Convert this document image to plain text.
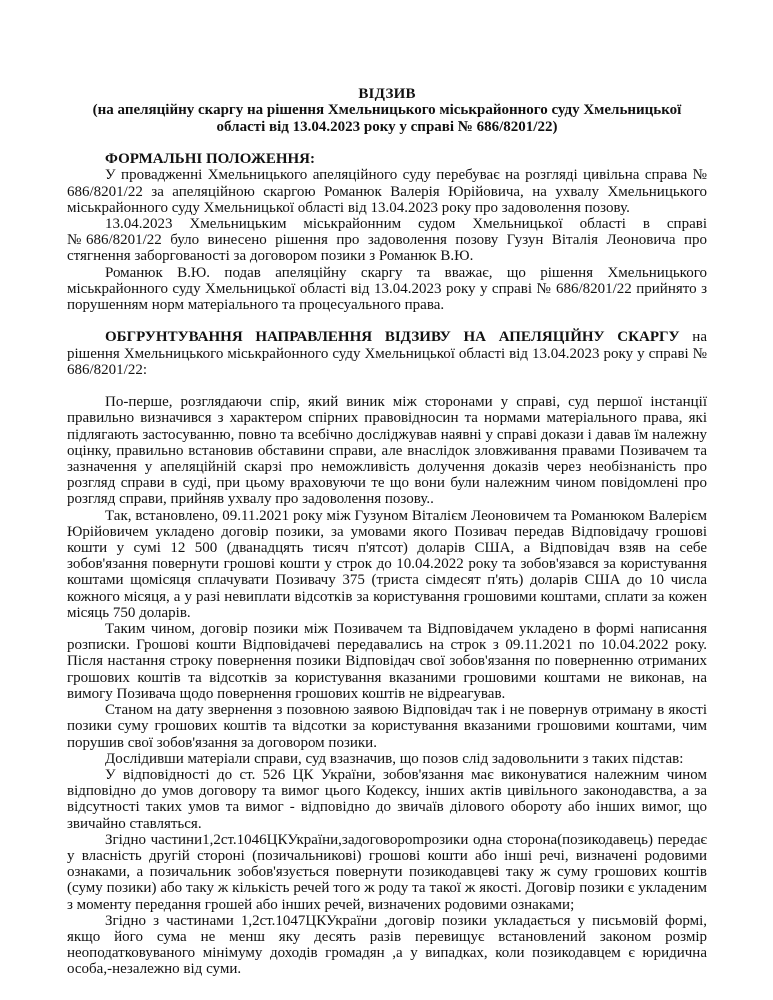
ВІДЗИВ
(на апеляційну скаргу на рішення Хмельницького міськрайонного суду Хмельницької
області від 13.04.2023 року у справі № 686/8201/22)
ФОРМАЛЬНІ ПОЛОЖЕННЯ:

У провадженні Хмельницького апеляційного суду перебуває на розгляді цивільна справа № 686/8201/22 за апеляційною скаргою Романюк Валерія Юрійовича, на ухвалу Хмельницького міськрайонного суду Хмельницької області від 13.04.2023 року про задоволення позову.

13.04.2023 Хмельницьким міськрайонним судом Хмельницької області в справі №686/8201/22 було винесено рішення про задоволення позову Гузун Віталія Леоновича про стягнення заборгованості за договором позики з Романюк В.Ю.

Романюк В.Ю. подав апеляційну скаргу та вважає, що рішення Хмельницького міськрайонного суду Хмельницької області від 13.04.2023 року у справі № 686/8201/22 прийнято з порушенням норм матеріального та процесуального права.

ОБГРУНТУВАННЯ НАПРАВЛЕННЯ ВІДЗИВУ НА АПЕЛЯЦІЙНУ СКАРГУ на рішення Хмельницького міськрайонного суду Хмельницької області від 13.04.2023 року у справі № 686/8201/22:

По-перше, розглядаючи спір, який виник між сторонами у справі, суд першої інстанції правильно визначився з характером спірних правовідносин та нормами матеріального права, які підлягають застосуванню, повно та всебічно досліджував наявні у справі докази і давав їм належну оцінку, правильно встановив обставини справи, але внаслідок зловживання правами Позивачем та зазначення у апеляційній скарзі про неможливість долучення доказів через необізнаність про розгляд справи в суді, при цьому враховуючи те що вони були належним чином повідомлені про розгляд справи, прийняв ухвалу про задоволення позову..

Так, встановлено, 09.11.2021 року між Гузуном Віталієм Леоновичем та Романюком Валерієм Юрійовичем укладено договір позики, за умовами якого Позивач передав Відповідачу грошові кошти у сумі 12 500 (дванадцять тисяч п'ятсот) доларів США, а Відповідач взяв на себе зобов'язання повернути грошові кошти у строк до 10.04.2022 року та зобов'язався за користування коштами щомісяця сплачувати Позивачу 375 (триста сімдесят п'ять) доларів США до 10 числа кожного місяця, а у разі невиплати відсотків за користування грошовими коштами, сплати за кожен місяць 750 доларів.

Таким чином, договір позики між Позивачем та Відповідачем укладено в формі написання розписки. Грошові кошти Відповідачеві передавались на строк з 09.11.2021 по 10.04.2022 року. Після настання строку повернення позики Відповідач свої зобов'язання по поверненню отриманих грошових коштів та відсотків за користування вказаними грошовими коштами не виконав, на вимогу Позивача щодо повернення грошових коштів не відреагував.

Станом на дату звернення з позовною заявою Відповідач так і не повернув отриману в якості позики суму грошових коштів та відсотки за користування вказаними грошовими коштами, чим порушив свої зобов'язання за договором позики.

Дослідивши матеріали справи, суд взазначив, що позов слід задовольнити з таких підстав:

У відповідності до ст. 526 ЦК України, зобов'язання має виконуватися належним чином відповідно до умов договору та вимог цього Кодексу, інших актів цивільного законодавства, а за відсутності таких умов та вимог - відповідно до звичаїв ділового обороту або інших вимог, що звичайно ставляться.

Згідно частини1,2ст.1046ЦКУкраїни,задоговорompозики одна сторона(позикодавець) передає у власність другій стороні (позичальникові) грошові кошти або інші речі, визначені родовими ознаками, а позичальник зобов'язується повернути позикодавцеві таку ж суму грошових коштів (суму позики) або таку ж кількість речей того ж роду та такої ж якості. Договір позики є укладеним з моменту передання грошей або інших речей, визначених родовими ознаками;

Згідно з частинами 1,2ст.1047ЦКУкраїни ,договір позики укладається у письмовій формі, якщо його сума не менш яку десять разів перевищує встановлений законом розмір неоподатковуваного мінімуму доходів громадян ,а у випадках, коли позикодавцем є юридична особа,-незалежно від суми.
